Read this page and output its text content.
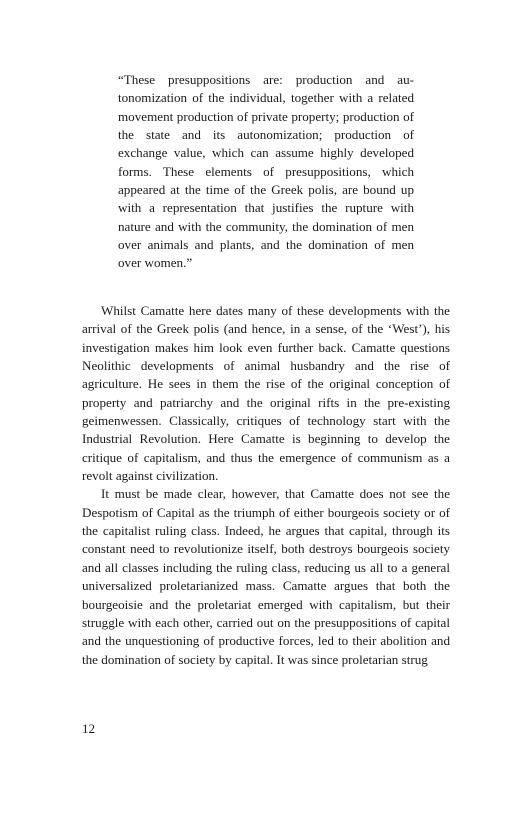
“These presuppositions are: production and autonomization of the individual, together with a related movement production of private property; production of the state and its autonomization; production of exchange value, which can assume highly developed forms. These elements of presuppositions, which appeared at the time of the Greek polis, are bound up with a representation that justifies the rupture with nature and with the community, the domination of men over animals and plants, and the domination of men over women.”

Whilst Camatte here dates many of these developments with the arrival of the Greek polis (and hence, in a sense, of the ‘West’), his investigation makes him look even further back. Camatte questions Neolithic developments of animal husbandry and the rise of agriculture. He sees in them the rise of the original conception of property and patriarchy and the original rifts in the pre-existing geimenwessen. Classically, critiques of technology start with the Industrial Revolution. Here Camatte is beginning to develop the critique of capitalism, and thus the emergence of communism as a revolt against civilization.

It must be made clear, however, that Camatte does not see the Despotism of Capital as the triumph of either bourgeois society or of the capitalist ruling class. Indeed, he argues that capital, through its constant need to revolutionize itself, both destroys bourgeois society and all classes including the ruling class, reducing us all to a general universalized proletarianized mass. Camatte argues that both the bourgeoisie and the proletariat emerged with capitalism, but their struggle with each other, carried out on the presuppositions of capital and the unquestioning of productive forces, led to their abolition and the domination of society by capital. It was since proletarian strug

12
